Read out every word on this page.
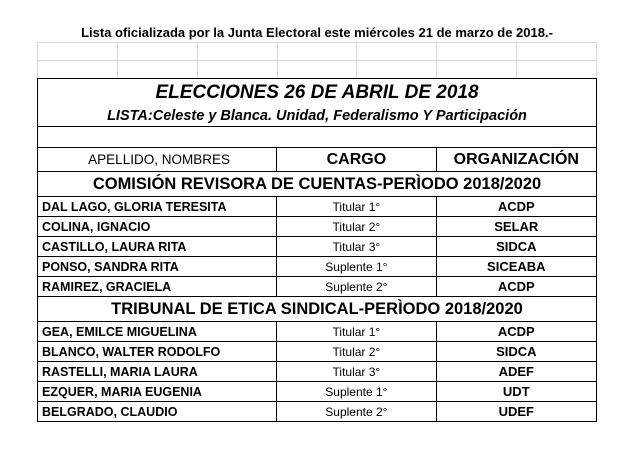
Lista oficializada por la Junta Electoral este miércoles 21 de marzo de 2018.-
ELECCIONES 26 DE ABRIL DE 2018
LISTA:Celeste y Blanca. Unidad, Federalismo Y Participación
APELLIDO, NOMBRES	CARGO	ORGANIZACIÓN
COMISIÓN REVISORA DE CUENTAS-PERÌODO 2018/2020
DAL LAGO, GLORIA TERESITA	Titular 1°	ACDP
COLINA, IGNACIO	Titular 2°	SELAR
CASTILLO, LAURA RITA	Titular 3°	SIDCA
PONSO, SANDRA RITA	Suplente 1°	SICEABA
RAMIREZ, GRACIELA	Suplente 2°	ACDP
TRIBUNAL DE ETICA SINDICAL-PERÌODO 2018/2020
GEA, EMILCE MIGUELINA	Titular 1°	ACDP
BLANCO, WALTER RODOLFO	Titular 2°	SIDCA
RASTELLI, MARIA LAURA	Titular 3°	ADEF
EZQUER, MARIA EUGENIA	Suplente 1°	UDT
BELGRADO, CLAUDIO	Suplente 2°	UDEF
